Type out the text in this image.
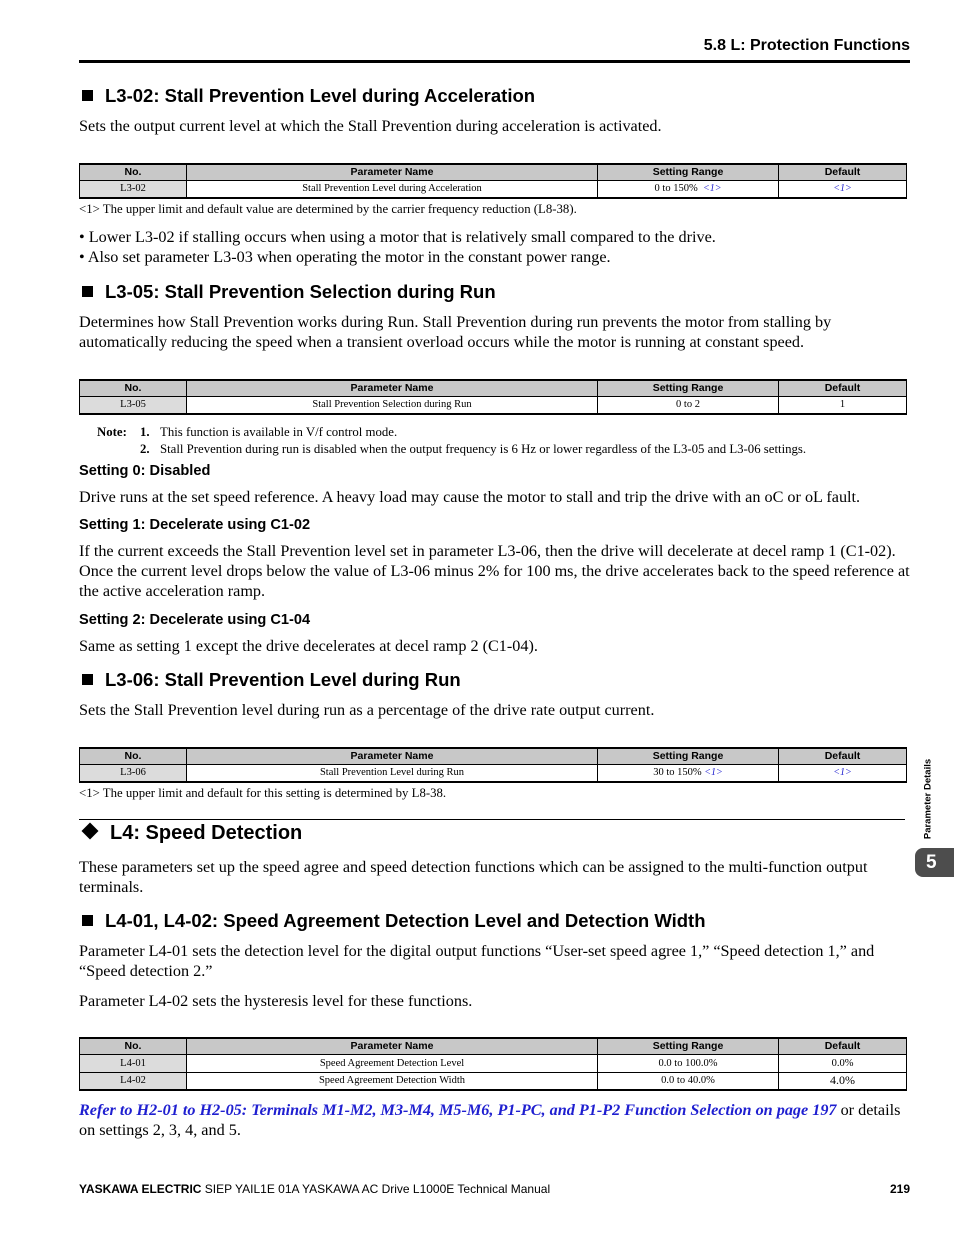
5.8 L: Protection Functions
L3-02: Stall Prevention Level during Acceleration
Sets the output current level at which the Stall Prevention during acceleration is activated.
No.	Parameter Name	Setting Range	Default
L3-02	Stall Prevention Level during Acceleration	0 to 150% <1>	<1>
<1> The upper limit and default value are determined by the carrier frequency reduction (L8-38).
• Lower L3-02 if stalling occurs when using a motor that is relatively small compared to the drive.
• Also set parameter L3-03 when operating the motor in the constant power range.
L3-05: Stall Prevention Selection during Run
Determines how Stall Prevention works during Run. Stall Prevention during run prevents the motor from stalling by automatically reducing the speed when a transient overload occurs while the motor is running at constant speed.
No.	Parameter Name	Setting Range	Default
L3-05	Stall Prevention Selection during Run	0 to 2	1
Note: 1. This function is available in V/f control mode.
2. Stall Prevention during run is disabled when the output frequency is 6 Hz or lower regardless of the L3-05 and L3-06 settings.
Setting 0: Disabled
Drive runs at the set speed reference. A heavy load may cause the motor to stall and trip the drive with an oC or oL fault.
Setting 1: Decelerate using C1-02
If the current exceeds the Stall Prevention level set in parameter L3-06, then the drive will decelerate at decel ramp 1 (C1-02). Once the current level drops below the value of L3-06 minus 2% for 100 ms, the drive accelerates back to the speed reference at the active acceleration ramp.
Setting 2: Decelerate using C1-04
Same as setting 1 except the drive decelerates at decel ramp 2 (C1-04).
L3-06: Stall Prevention Level during Run
Sets the Stall Prevention level during run as a percentage of the drive rate output current.
No.	Parameter Name	Setting Range	Default
L3-06	Stall Prevention Level during Run	30 to 150% <1>	<1>
<1> The upper limit and default for this setting is determined by L8-38.
L4: Speed Detection
These parameters set up the speed agree and speed detection functions which can be assigned to the multi-function output terminals.
L4-01, L4-02: Speed Agreement Detection Level and Detection Width
Parameter L4-01 sets the detection level for the digital output functions “User-set speed agree 1,” “Speed detection 1,” and “Speed detection 2.”
Parameter L4-02 sets the hysteresis level for these functions.
No.	Parameter Name	Setting Range	Default
L4-01	Speed Agreement Detection Level	0.0 to 100.0%	0.0%
L4-02	Speed Agreement Detection Width	0.0 to 40.0%	4.0%
Refer to H2-01 to H2-05: Terminals M1-M2, M3-M4, M5-M6, P1-PC, and P1-P2 Function Selection on page 197 or details on settings 2, 3, 4, and 5.
Parameter Details
5
YASKAWA ELECTRIC SIEP YAIL1E 01A YASKAWA AC Drive L1000E Technical Manual	219
